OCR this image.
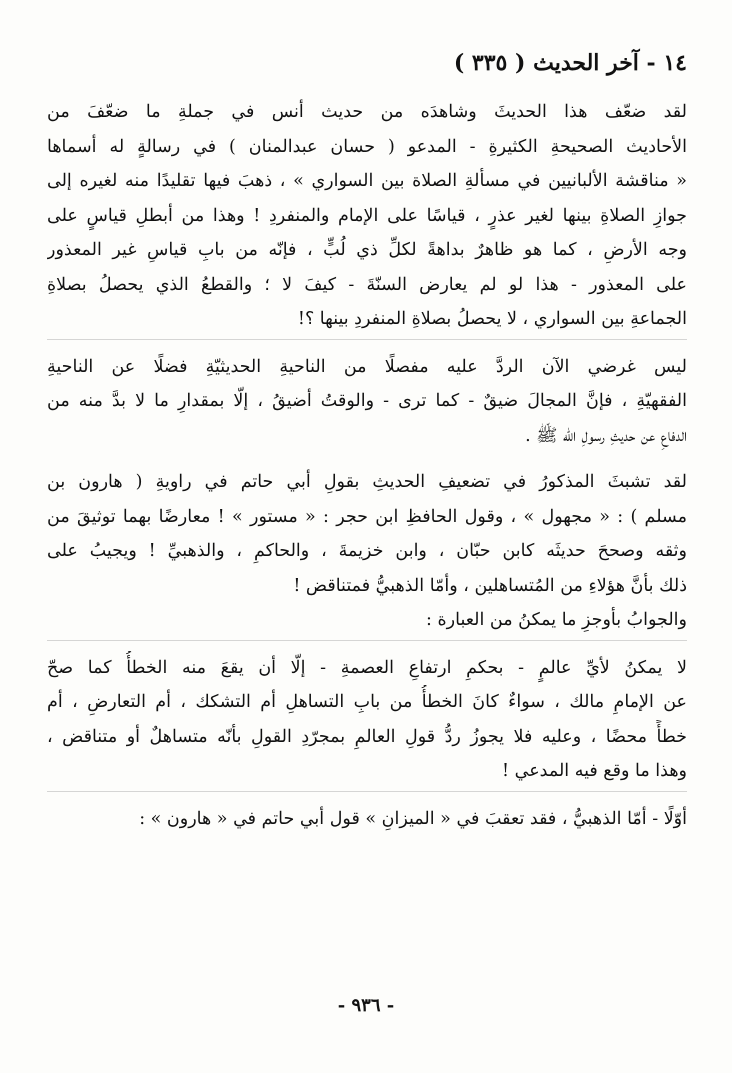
١٤ - آخر الحديث ( ٣٣٥ )
لقد ضعّف هذا الحديثَ وشاهدَه من حديث أنس في جملةِ ما ضعّفَ من
الأحاديث الصحيحةِ الكثيرةِ - المدعو ( حسان عبدالمنان ) في رسالةٍ له أسماها
« مناقشة الألبانيين في مسألةِ الصلاة بين السواري » ، ذهبَ فيها تقليدًا منه لغيره إلى
جوازِ الصلاةِ بينها لغير عذرٍ ، قياسًا على الإمام والمنفردِ ! وهذا من أبطلِ قياسٍ على
وجه الأرضِ ، كما هو ظاهرٌ بداهةً لكلِّ ذي لُبٍّ ، فإنّه من بابِ قياسِ غير المعذور
على المعذور - هذا لو لم يعارض السنّةَ - كيفَ لا ؛ والقطعُ الذي يحصلُ بصلاةِ
الجماعةِ بين السواري ، لا يحصلُ بصلاةِ المنفردِ بينها ؟!
ليس غرضي الآن الردَّ عليه مفصلًا من الناحيةِ الحديثيّةِ فضلًا عن الناحيةِ
الفقهيّةِ ، فإنَّ المجالَ ضيقٌ - كما ترى - والوقتُ أضيقُ ، إلّا بمقدارِ ما لا بدَّ منه من
الدفاعِ عن حديثِ رسولِ الله ﷺ .
لقد تشبثَ المذكورُ في تضعيفِ الحديثِ بقولِ أبي حاتم في راويةِ ( هارون بن
مسلم ) : « مجهول » ، وقول الحافظِ ابن حجر : « مستور » ! معارضًا بهما توثيقَ من
وثقه وصححَ حديثَه كابن حبّان ، وابن خزيمةَ ، والحاكمِ ، والذهبيِّ ! ويجيبُ على
ذلك بأنَّ هؤلاءِ من المُتساهلين ، وأمّا الذهبيُّ فمتناقض !
والجوابُ بأوجزِ ما يمكنُ من العبارة :
لا يمكنُ لأيِّ عالمٍ - بحكمِ ارتفاعِ العصمةِ - إلّا أن يقعَ منه الخطأُ كما صحّ
عن الإمامِ مالك ، سواءٌ كانَ الخطأُ من بابِ التساهلِ أم التشكك ، أم التعارضِ ، أم
خطأً محضًا ، وعليه فلا يجوزُ ردُّ قولِ العالمِ بمجرّدِ القولِ بأنّه متساهلٌ أو متناقض ،
وهذا ما وقع فيه المدعي !
أوّلًا - أمّا الذهبيُّ ، فقد تعقبَ في « الميزانِ » قول أبي حاتم في « هارون » :
- ٩٣٦ -
